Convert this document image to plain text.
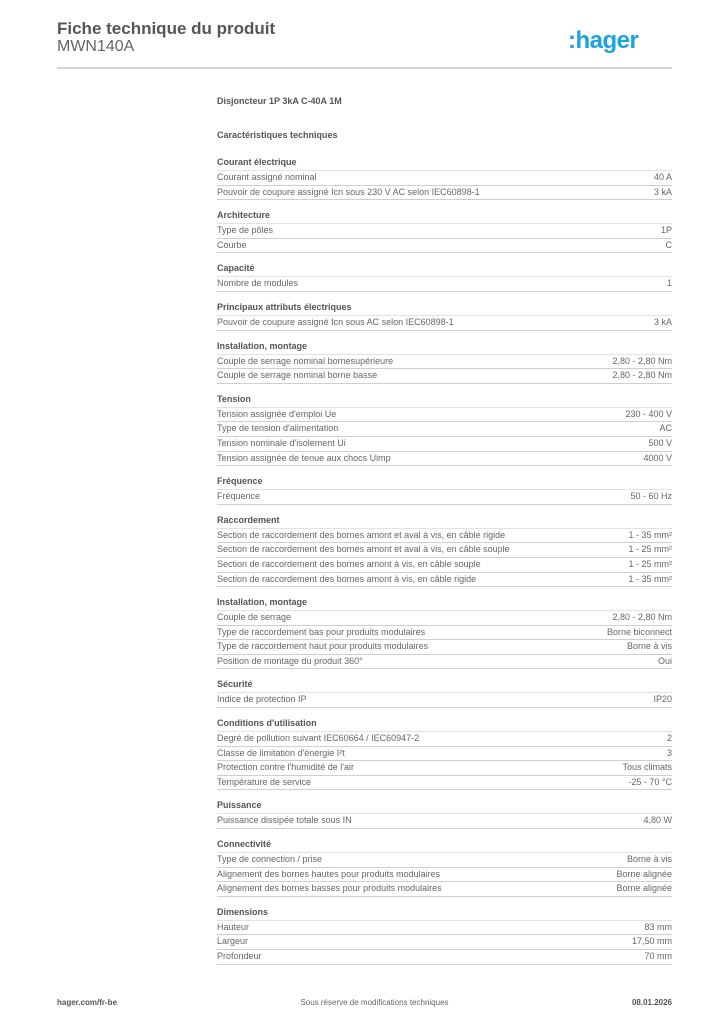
Fiche technique du produit
MWN140A	:hager
Disjoncteur 1P 3kA C-40A 1M
Caractéristiques techniques
Courant électrique
Courant assigné nominal	40 A
Pouvoir de coupure assigné Icn sous 230 V AC selon IEC60898-1	3 kA
Architecture
Type de pôles	1P
Courbe	C
Capacité
Nombre de modules	1
Principaux attributs électriques
Pouvoir de coupure assigné Icn sous AC selon IEC60898-1	3 kA
Installation, montage
Couple de serrage nominal bornesupérieure	2,80 - 2,80 Nm
Couple de serrage nominal borne basse	2,80 - 2,80 Nm
Tension
Tension assignée d'emploi Ue	230 - 400 V
Type de tension d'alimentation	AC
Tension nominale d'isolement Ui	500 V
Tension assignée de tenue aux chocs Uimp	4000 V
Fréquence
Fréquence	50 - 60 Hz
Raccordement
Section de raccordement des bornes amont et aval à vis, en câble rigide	1 - 35 mm²
Section de raccordement des bornes amont et aval à vis, en câble souple	1 - 25 mm²
Section de raccordement des bornes amont à vis, en câble souple	1 - 25 mm²
Section de raccordement des bornes amont à vis, en câble rigide	1 - 35 mm²
Installation, montage
Couple de serrage	2,80 - 2,80 Nm
Type de raccordement bas pour produits modulaires	Borne biconnect
Type de raccordement haut pour produits modulaires	Borne à vis
Position de montage du produit 360°	Oui
Sécurité
Indice de protection IP	IP20
Conditions d'utilisation
Degré de pollution suivant IEC60664 / IEC60947-2	2
Classe de limitation d'énergie I²t	3
Protection contre l'humidité de l'air	Tous climats
Température de service	-25 - 70 °C
Puissance
Puissance dissipée totale sous IN	4,80 W
Connectivité
Type de connection / prise	Borne à vis
Alignement des bornes hautes pour produits modulaires	Borne alignée
Alignement des bornes basses pour produits modulaires	Borne alignée
Dimensions
Hauteur	83 mm
Largeur	17,50 mm
Profondeur	70 mm
hager.com/fr-be	Sous réserve de modifications techniques	08.01.2026
